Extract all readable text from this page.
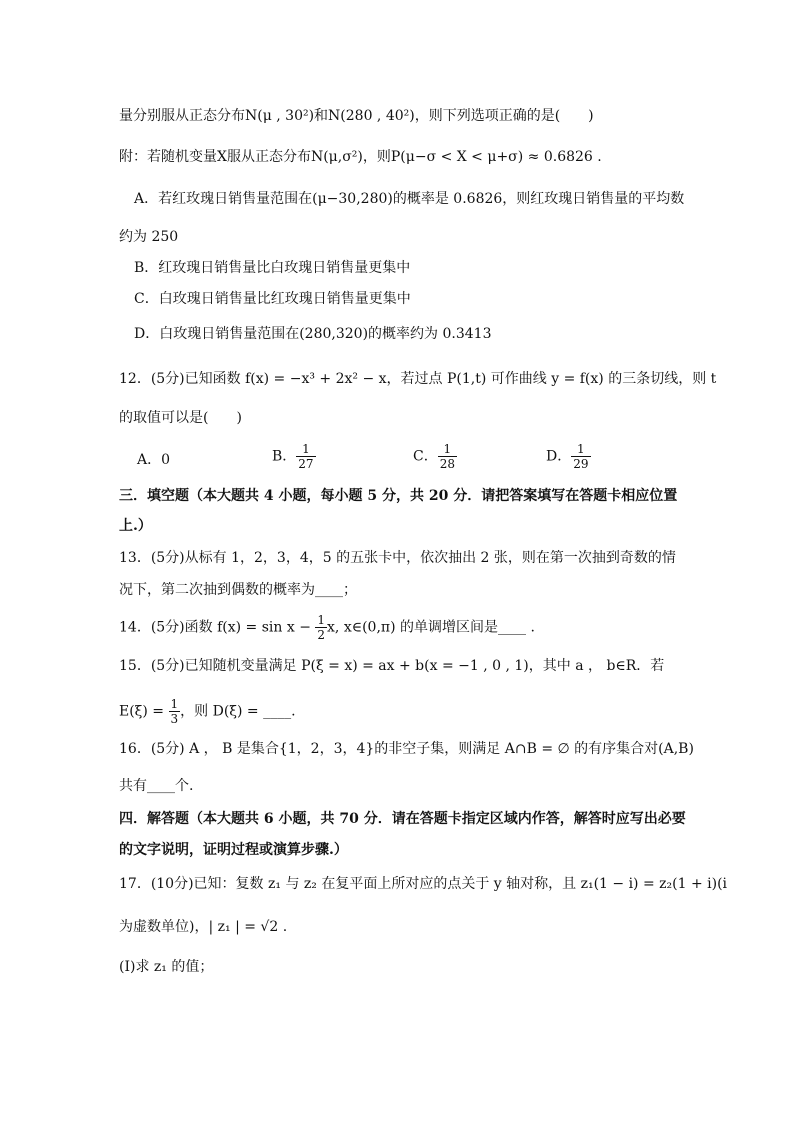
量分别服从正态分布N(μ , 30²)和N(280 , 40²)，则下列选项正确的是(　　)
附：若随机变量X服从正态分布N(μ,σ²)，则P(μ−σ < X < μ+σ) ≈ 0.6826 .
A．若红玫瑰日销售量范围在(μ−30,280)的概率是 0.6826，则红玫瑰日销售量的平均数
约为 250
B．红玫瑰日销售量比白玫瑰日销售量更集中
C．白玫瑰日销售量比红玫瑰日销售量更集中
D．白玫瑰日销售量范围在(280,320)的概率约为 0.3413
12．(5分)已知函数 f(x) = −x³ + 2x² − x，若过点 P(1,t) 可作曲线 y = f(x) 的三条切线，则 t
的取值可以是(　　)
A．0	B． $\frac{1}{27}$	C． $\frac{1}{28}$	D． $\frac{1}{29}$
三．填空题（本大题共 4 小题，每小题 5 分，共 20 分．请把答案填写在答题卡相应位置
上.）
13．(5分)从标有 1，2，3，4，5 的五张卡中，依次抽出 2 张，则在第一次抽到奇数的情
况下，第二次抽到偶数的概率为____；
14．(5分)函数 $f(x) = \sin x - \frac{1}{2} x$, x∈(0,π) 的单调增区间是____ .
15．(5分)已知随机变量满足 P(ξ = x) = ax + b(x = −1 , 0 , 1)，其中 a ， b∈R．若
$E(\xi) = \frac{1}{3}$ ，则 D(ξ) = ____.
16．(5分) A ， B 是集合{1，2，3，4}的非空子集，则满足 A∩B = ∅ 的有序集合对(A,B)
共有____个.
四．解答题（本大题共 6 小题，共 70 分．请在答题卡指定区域内作答，解答时应写出必要
的文字说明，证明过程或演算步骤.）
17．(10分)已知：复数 z₁ 与 z₂ 在复平面上所对应的点关于 y 轴对称，且 z₁(1 − i) = z₂(1 + i)(i
为虚数单位)，| z₁ | = √2 .
(Ⅰ)求 z₁ 的值；
